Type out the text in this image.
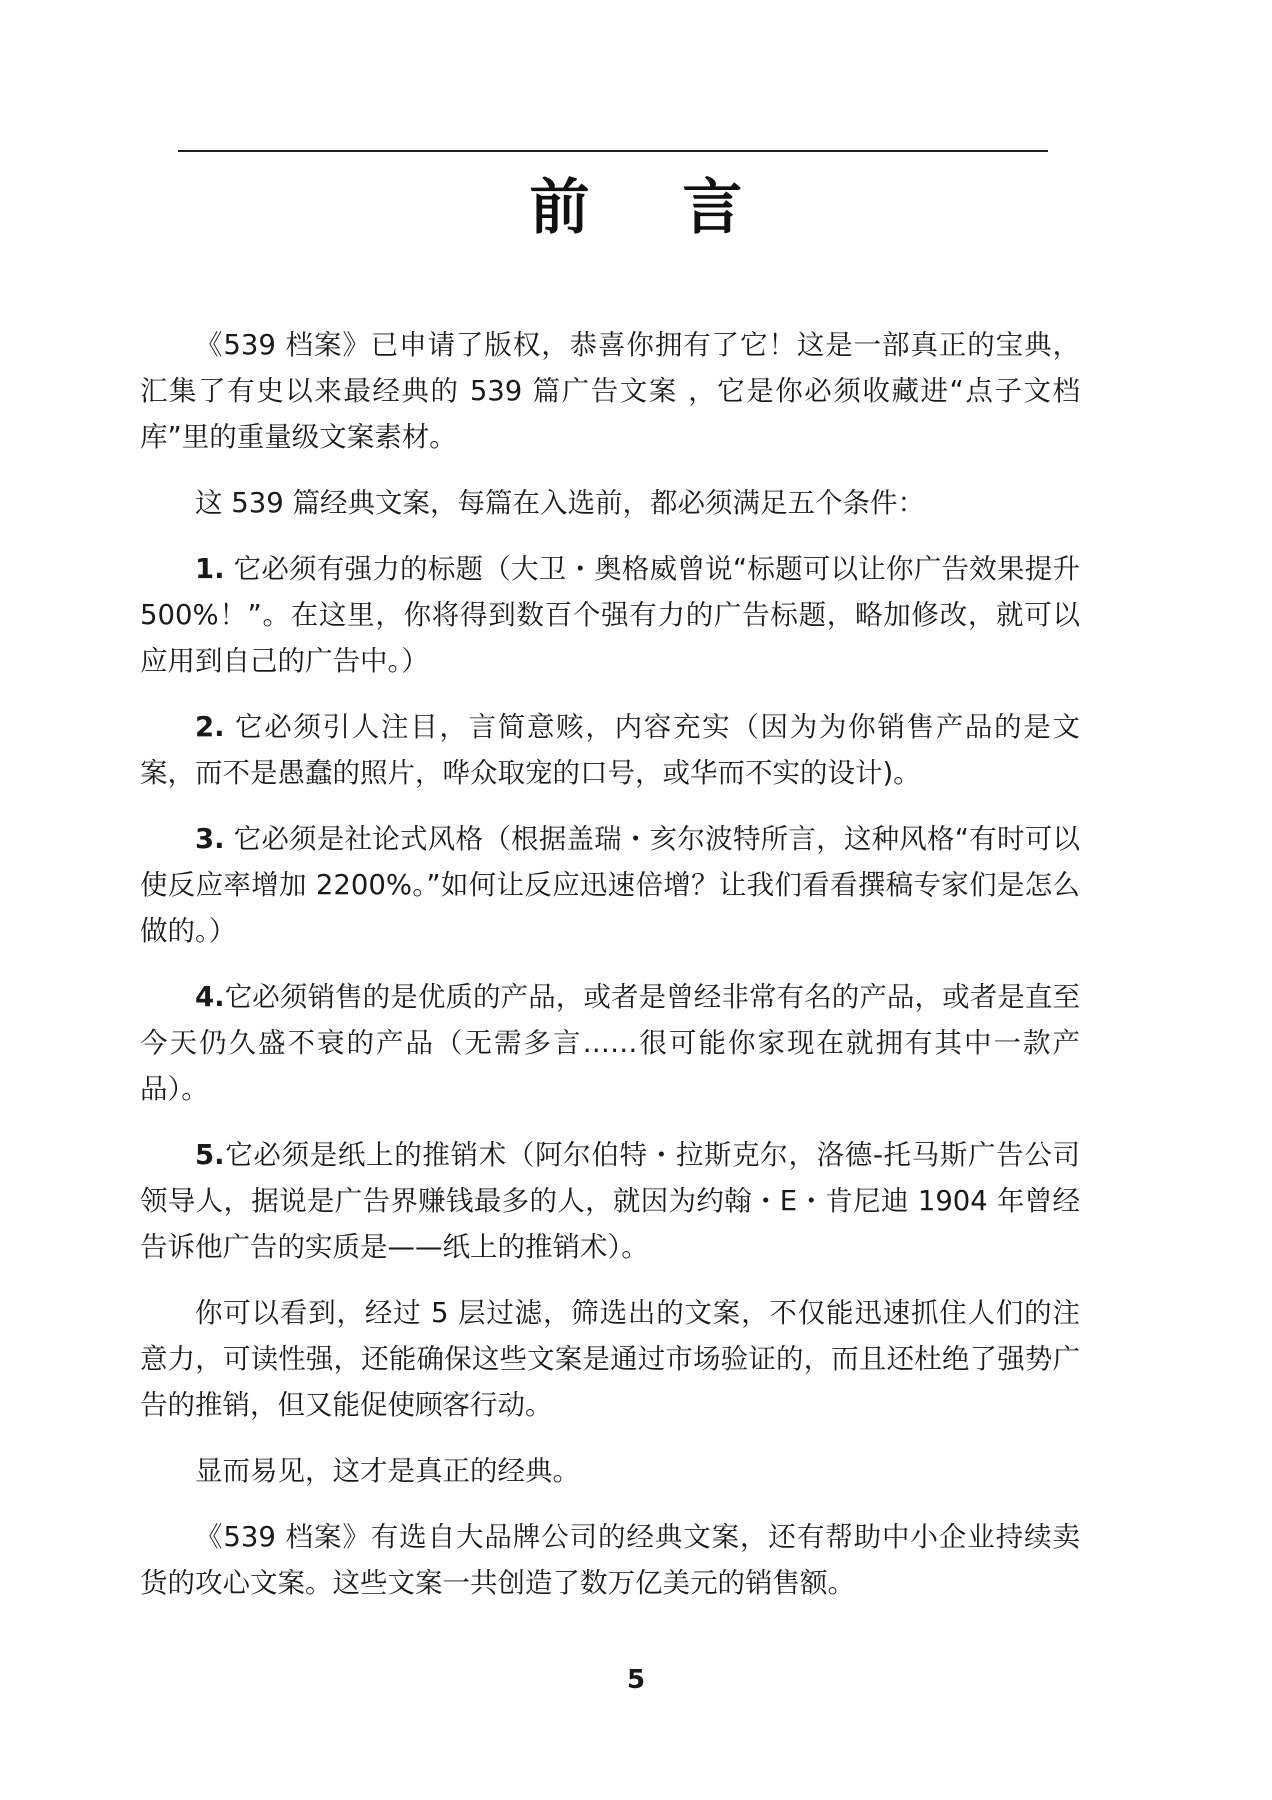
前 言

《539 档案》已申请了版权，恭喜你拥有了它！这是一部真正的宝典，汇集了有史以来最经典的 539 篇广告文案 ，它是你必须收藏进“点子文档库”里的重量级文案素材。

这 539 篇经典文案，每篇在入选前，都必须满足五个条件：

1. 它必须有强力的标题（大卫・奥格威曾说“标题可以让你广告效果提升 500%！”。在这里，你将得到数百个强有力的广告标题，略加修改，就可以应用到自己的广告中。）

2. 它必须引人注目，言简意赅，内容充实（因为为你销售产品的是文案，而不是愚蠢的照片，哗众取宠的口号，或华而不实的设计)。

3. 它必须是社论式风格（根据盖瑞・亥尔波特所言，这种风格“有时可以使反应率增加 2200%。”如何让反应迅速倍增？让我们看看撰稿专家们是怎么做的。）

4.它必须销售的是优质的产品，或者是曾经非常有名的产品，或者是直至今天仍久盛不衰的产品（无需多言……很可能你家现在就拥有其中一款产品）。

5.它必须是纸上的推销术（阿尔伯特・拉斯克尔，洛德-托马斯广告公司领导人，据说是广告界赚钱最多的人，就因为约翰・E・肯尼迪 1904 年曾经告诉他广告的实质是——纸上的推销术）。

你可以看到，经过 5 层过滤，筛选出的文案，不仅能迅速抓住人们的注意力，可读性强，还能确保这些文案是通过市场验证的，而且还杜绝了强势广告的推销，但又能促使顾客行动。

显而易见，这才是真正的经典。

《539 档案》有选自大品牌公司的经典文案，还有帮助中小企业持续卖货的攻心文案。这些文案一共创造了数万亿美元的销售额。

5
